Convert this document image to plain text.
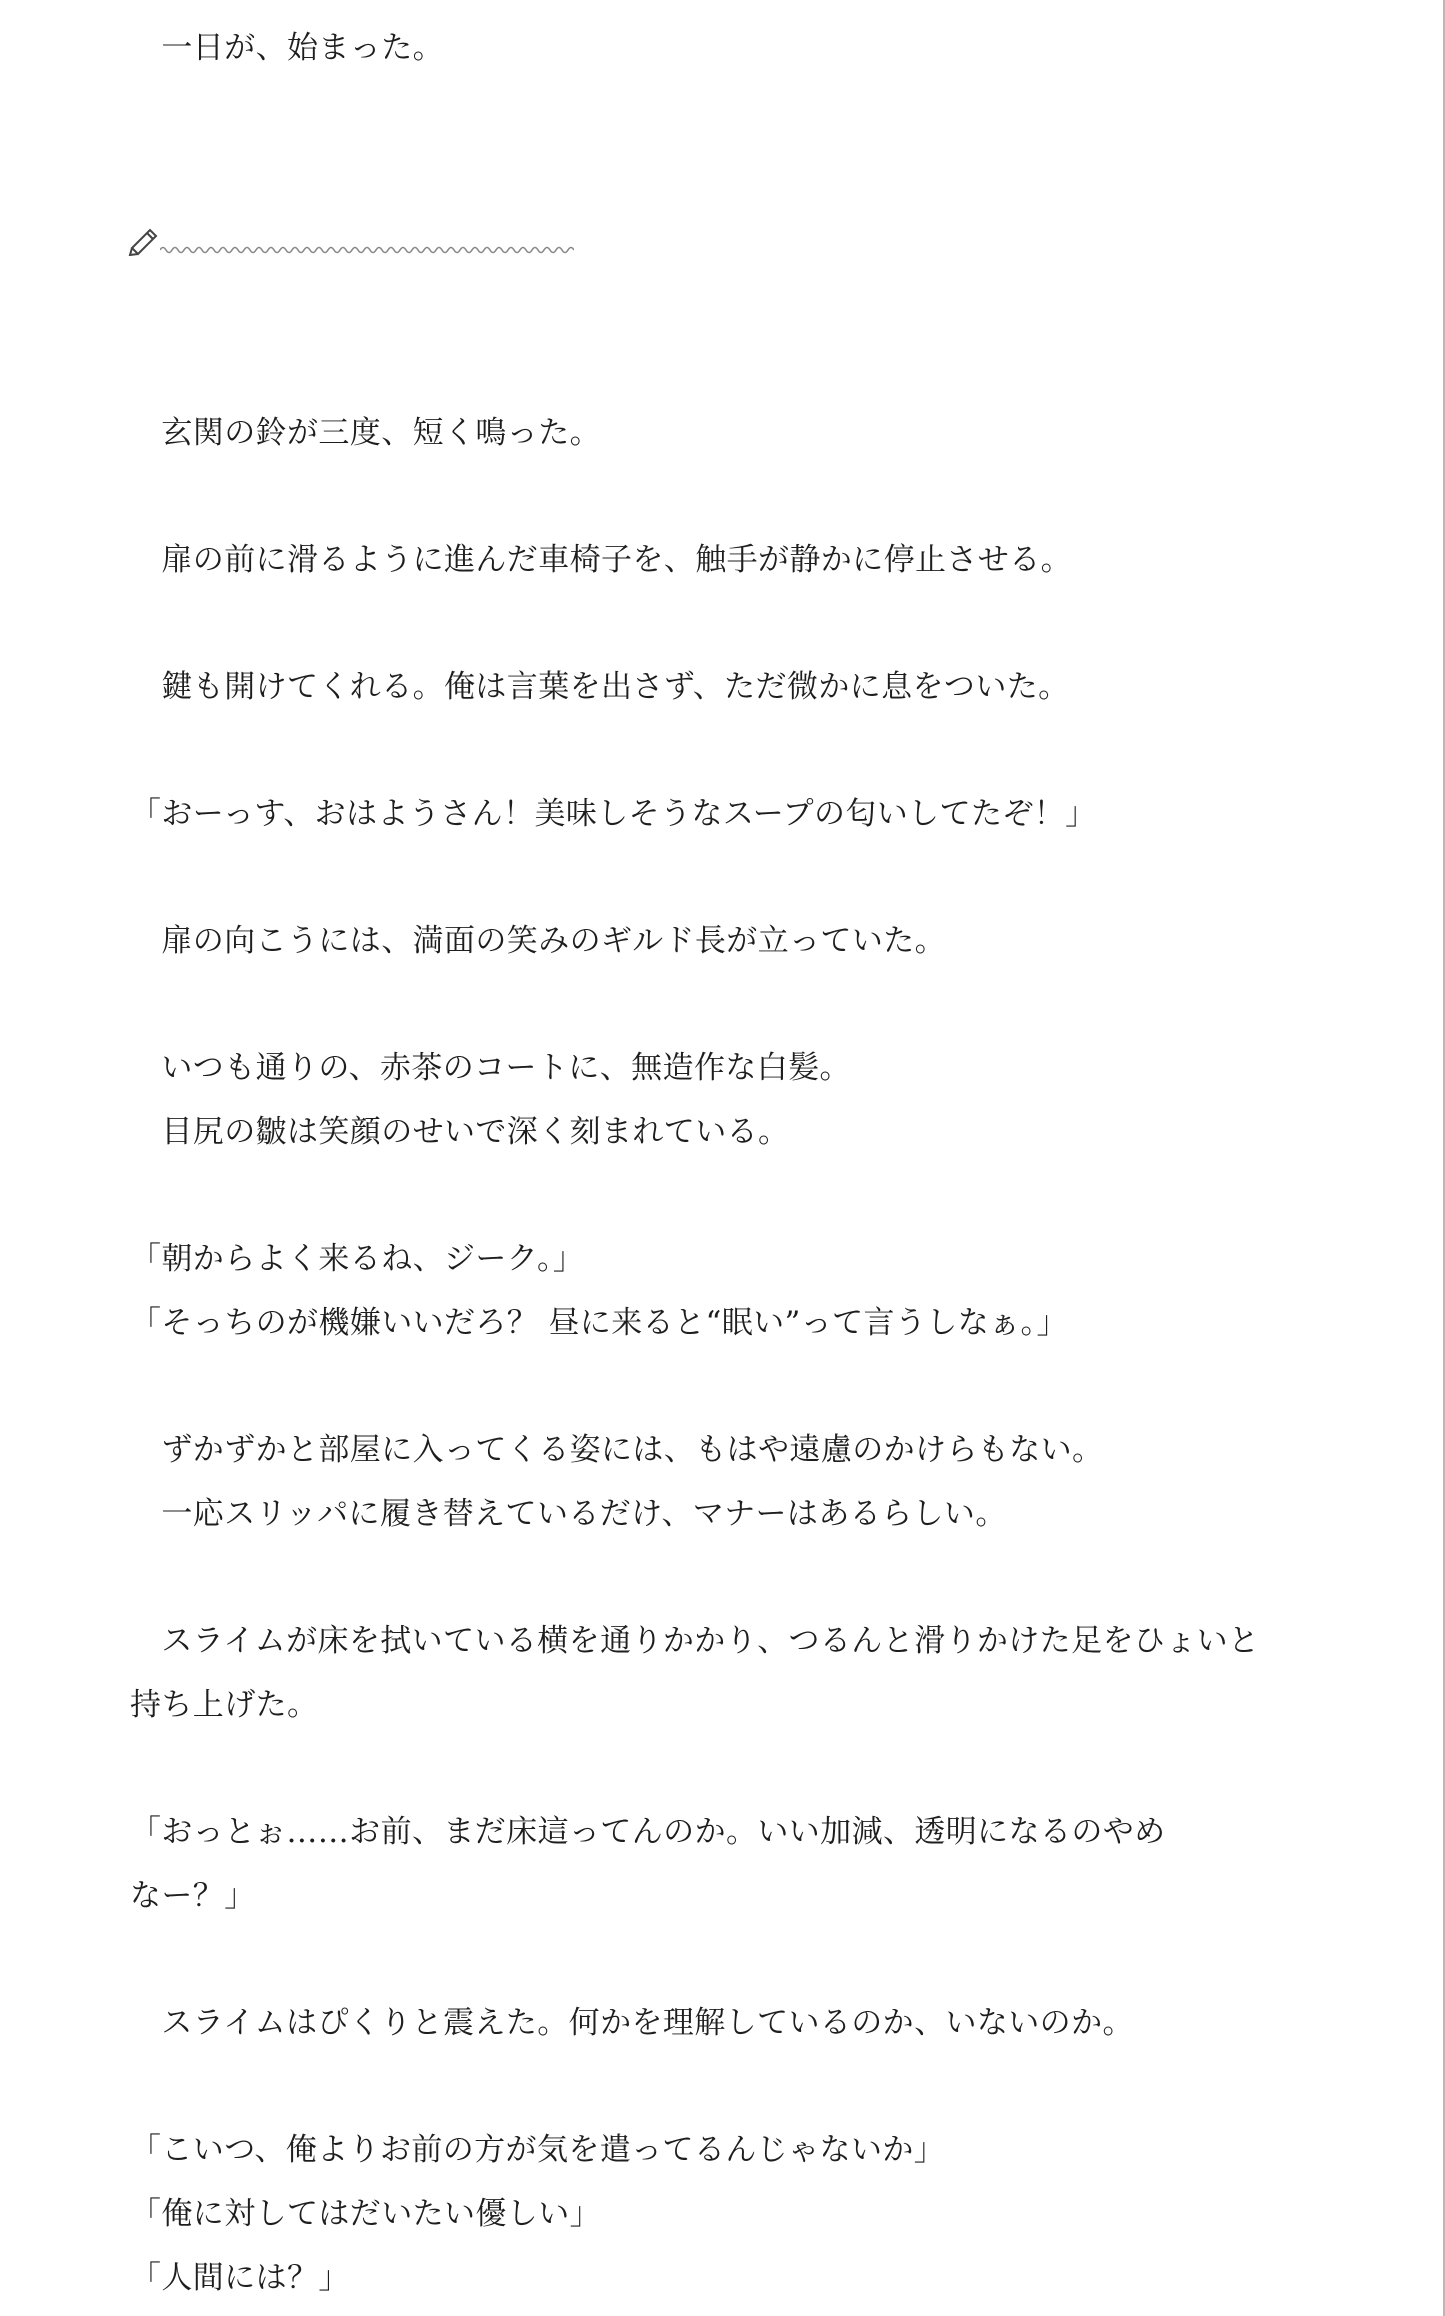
　一日が、始まった。

　玄関の鈴が三度、短く鳴った。

　扉の前に滑るように進んだ車椅子を、触手が静かに停止させる。

　鍵も開けてくれる。俺は言葉を出さず、ただ微かに息をついた。

「おーっす、おはようさん！美味しそうなスープの匂いしてたぞ！」

　扉の向こうには、満面の笑みのギルド長が立っていた。

　いつも通りの、赤茶のコートに、無造作な白髪。

　目尻の皺は笑顔のせいで深く刻まれている。

「朝からよく来るね、ジーク。」

「そっちのが機嫌いいだろ？ 昼に来ると“眠い”って言うしなぁ。」

　ずかずかと部屋に入ってくる姿には、もはや遠慮のかけらもない。

　一応スリッパに履き替えているだけ、マナーはあるらしい。

　スライムが床を拭いている横を通りかかり、つるんと滑りかけた足をひょいと

持ち上げた。

「おっとぉ……お前、まだ床這ってんのか。いい加減、透明になるのやめ

なー？」

　スライムはぴくりと震えた。何かを理解しているのか、いないのか。

「こいつ、俺よりお前の方が気を遣ってるんじゃないか」

「俺に対してはだいたい優しい」

「人間には？」
